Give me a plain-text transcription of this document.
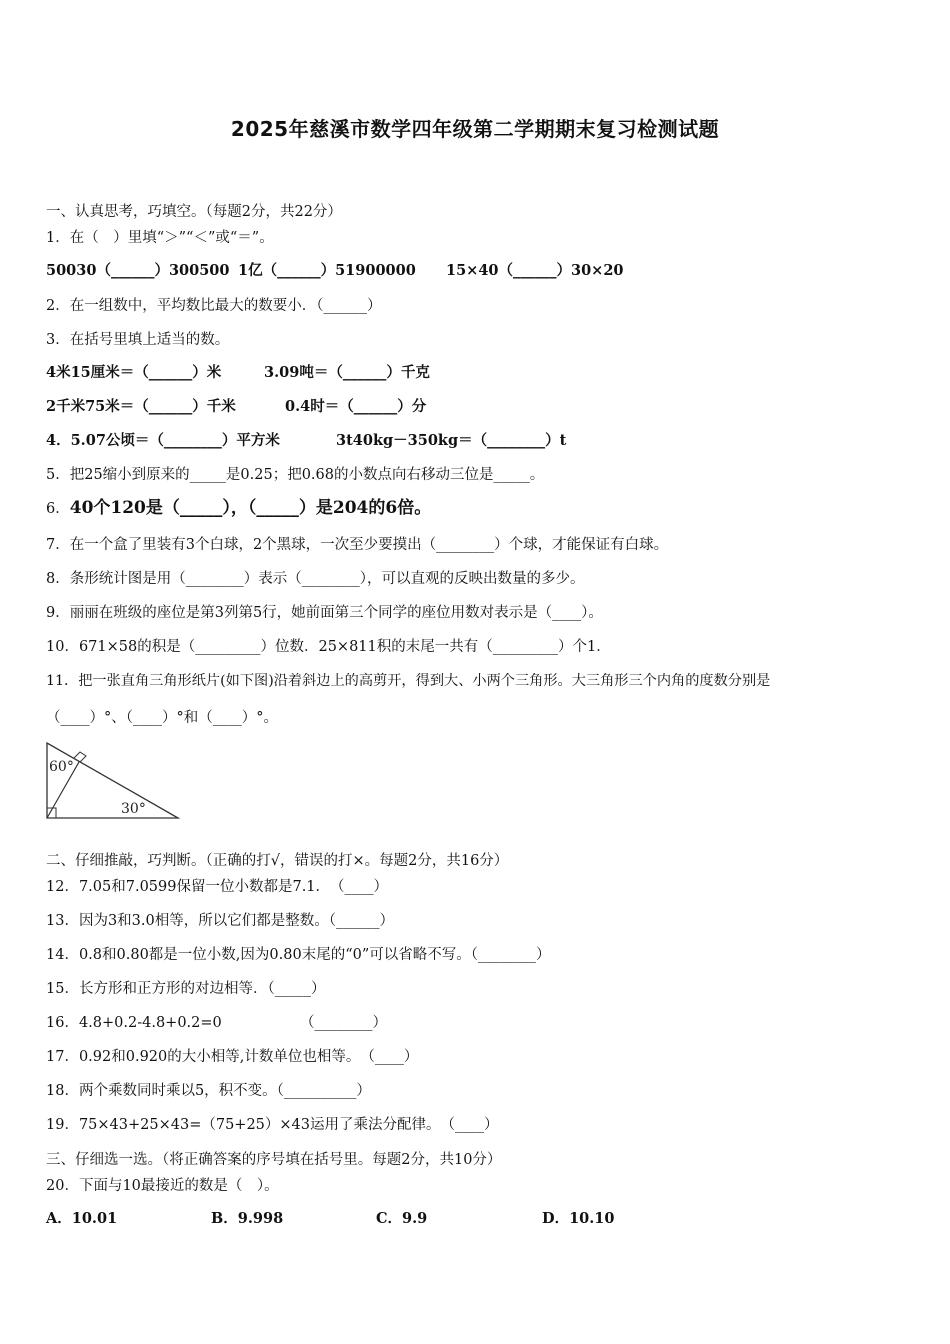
2025年慈溪市数学四年级第二学期期末复习检测试题
一、认真思考，巧填空。（每题2分，共22分）
1．在（　）里填“＞”“＜”或“＝”。
50030（______）300500 1亿（______）51900000 15×40（______）30×20
2．在一组数中，平均数比最大的数要小．（______）
3．在括号里填上适当的数。
4米15厘米＝（______）米	3.09吨＝（______）千克
2千米75米＝（______）千米	0.4时＝（______）分
4．5.07公顷＝（________）平方米	3t40kg－350kg＝（________）t
5．把25缩小到原来的_____是0.25；把0.68的小数点向右移动三位是_____。
6．40个120是（_____），（_____）是204的6倍。
7．在一个盒了里装有3个白球，2个黑球，一次至少要摸出（________）个球，才能保证有白球。
8．条形统计图是用（________）表示（________），可以直观的反映出数量的多少。
9．丽丽在班级的座位是第3列第5行，她前面第三个同学的座位用数对表示是（____）。
10．671×58的积是（_________）位数．25×811积的末尾一共有（_________）个1．
11．把一张直角三角形纸片(如下图)沿着斜边上的高剪开，得到大、小两个三角形。大三角形三个内角的度数分别是
（____）°、（____）°和（____）°。
60°
30°
二、仔细推敲，巧判断。（正确的打√，错误的打×。每题2分，共16分）
12．7.05和7.0599保留一位小数都是7.1．　（____）
13．因为3和3.0相等，所以它们都是整数。（______）
14．0.8和0.80都是一位小数,因为0.80末尾的“0”可以省略不写。（________）
15．长方形和正方形的对边相等．（_____）
16．4.8+0.2-4.8+0.2=0	（________）
17．0.92和0.920的大小相等,计数单位也相等。　（____）
18．两个乘数同时乘以5，积不变。（__________）
19．75×43+25×43=（75+25）×43运用了乘法分配律。　（____）
三、仔细选一选。（将正确答案的序号填在括号里。每题2分，共10分）
20．下面与10最接近的数是（　）。
A．10.01	B．9.998	C．9.9	D．10.10
